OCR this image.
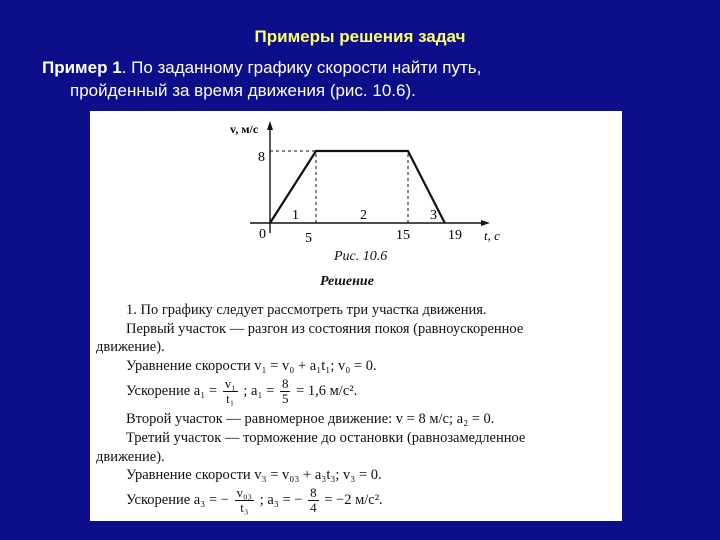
Примеры решения задач
Пример 1. По заданному графику скорости найти путь,
пройденный за время движения (рис. 10.6).
v, м/с
t, с
8
0	5	15	19
1	2	3
Рис. 10.6
Решение
1. По графику следует рассмотреть три участка движения.
Первый участок — разгон из состояния покоя (равноускоренное
движение).
Уравнение скорости v₁ = v₀ + a₁t₁; v₀ = 0.
Ускорение $a_1 = \frac{\text{v₁}}{\text{t₁}}$ ; $a_1 = \frac{8}{5} = 1,6$ м/с².
Второй участок — равномерное движение: v = 8 м/с; a₂ = 0.
Третий участок — торможение до остановки (равнозамедленное
движение).
Уравнение скорости v₃ = v₀₃ + a₃t₃; v₃ = 0.
Ускорение a₃ = − $\frac{\text{v₀₃}}{\text{t₃}}$ ; a₃ = − $\frac{8}{4} = -2$ м/с².
